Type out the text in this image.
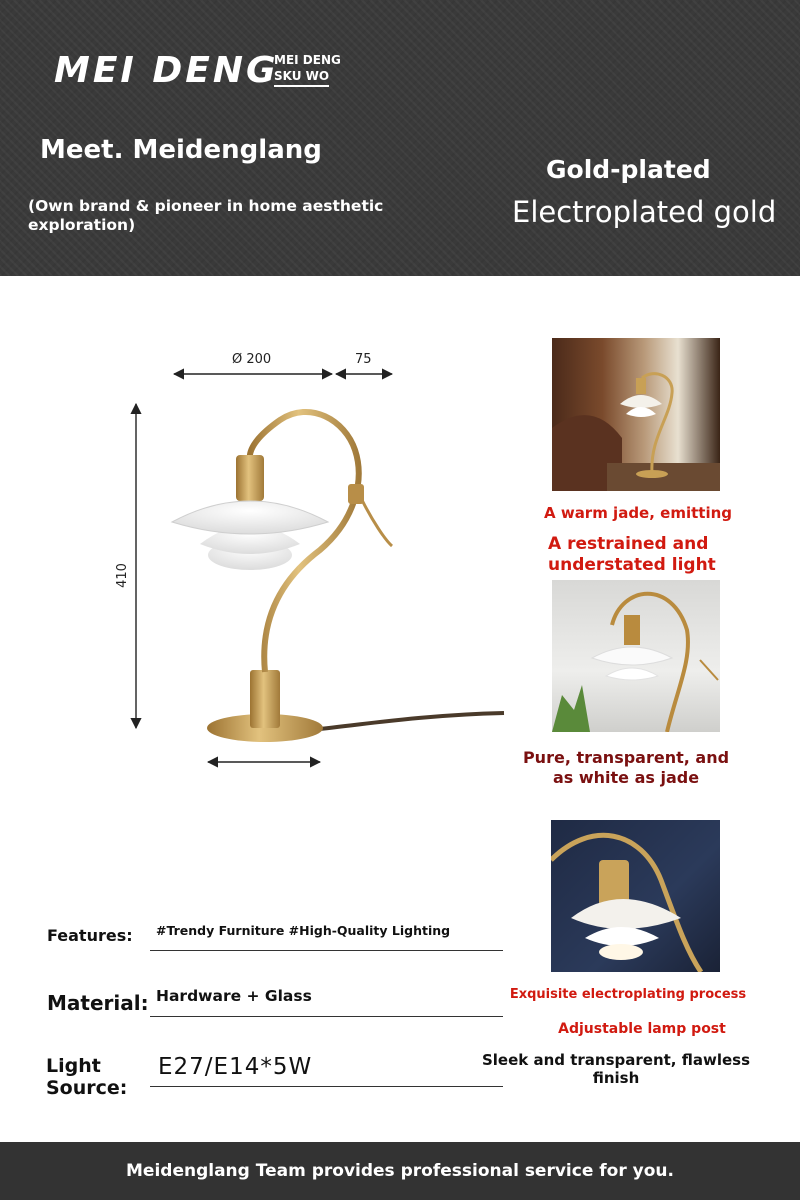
MEI DENG
MEI DENG
SKU WO
Meet. Meidenglang
(Own brand & pioneer in home aesthetic exploration)
Gold-plated
Electroplated gold
Ø 200	75
410
A warm jade, emitting
A restrained and understated light
Pure, transparent, and as white as jade
Exquisite electroplating process
Adjustable lamp post
Sleek and transparent, flawless finish
Features: #Trendy Furniture #High-Quality Lighting
Material: Hardware + Glass
Light Source:
E27/E14*5W
Meidenglang Team provides professional service for you.
